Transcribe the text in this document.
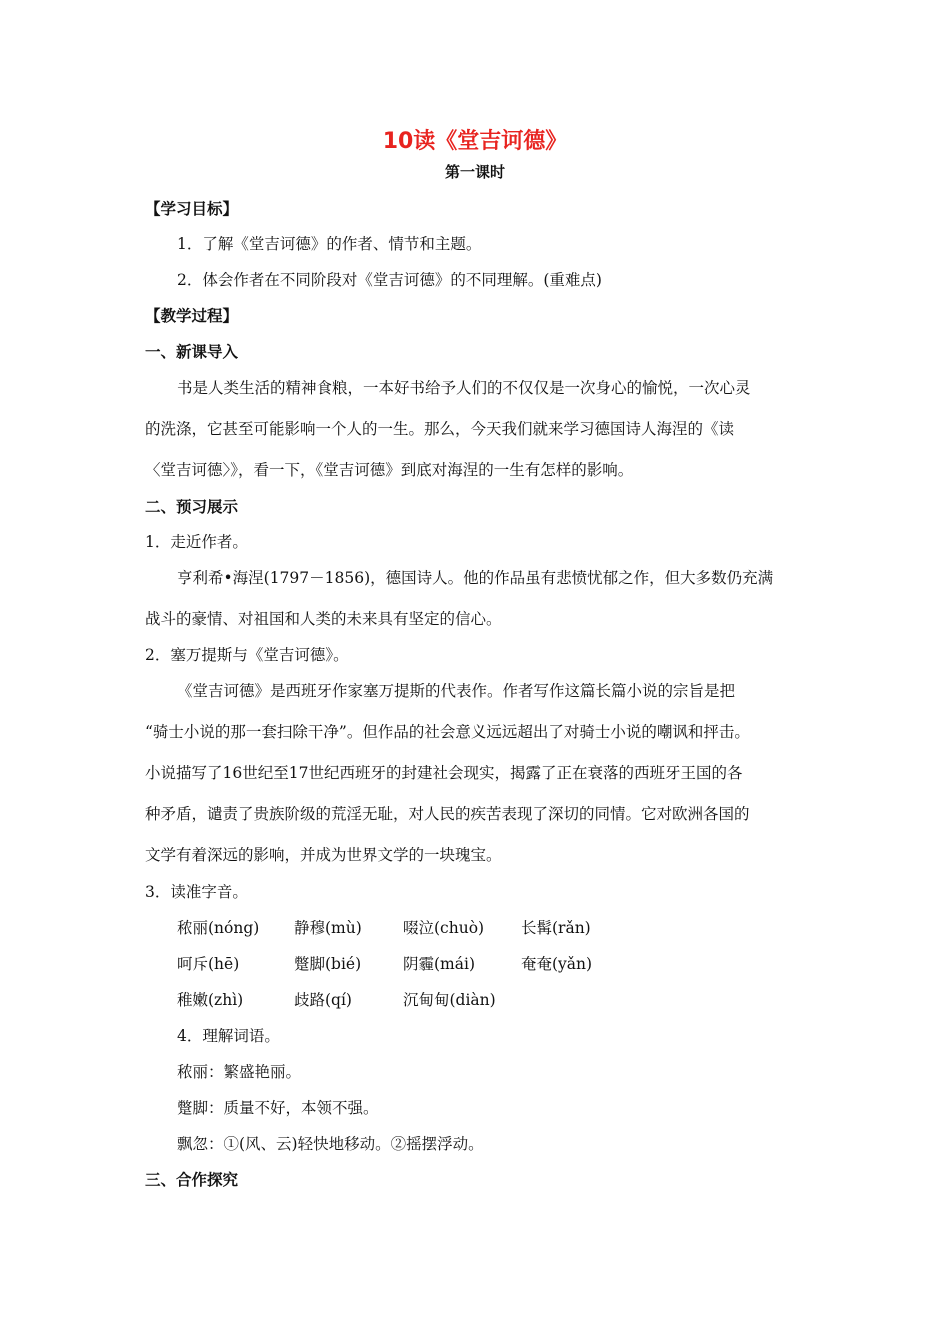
10读《堂吉诃德》
第一课时
【学习目标】
1．了解《堂吉诃德》的作者、情节和主题。
2．体会作者在不同阶段对《堂吉诃德》的不同理解。(重难点)
【教学过程】
一、新课导入
书是人类生活的精神食粮，一本好书给予人们的不仅仅是一次身心的愉悦，一次心灵
的洗涤，它甚至可能影响一个人的一生。那么，今天我们就来学习德国诗人海涅的《读
〈堂吉诃德〉》，看一下，《堂吉诃德》到底对海涅的一生有怎样的影响。
二、预习展示
1．走近作者。
亨利希•海涅(1797－1856)，德国诗人。他的作品虽有悲愤忧郁之作，但大多数仍充满
战斗的豪情、对祖国和人类的未来具有坚定的信心。
2．塞万提斯与《堂吉诃德》。
《堂吉诃德》是西班牙作家塞万提斯的代表作。作者写作这篇长篇小说的宗旨是把
“骑士小说的那一套扫除干净”。但作品的社会意义远远超出了对骑士小说的嘲讽和抨击。
小说描写了16世纪至17世纪西班牙的封建社会现实，揭露了正在衰落的西班牙王国的各
种矛盾，谴责了贵族阶级的荒淫无耻，对人民的疾苦表现了深切的同情。它对欧洲各国的
文学有着深远的影响，并成为世界文学的一块瑰宝。
3．读准字音。
秾丽(nóng) 静穆(mù)	啜泣(chuò) 长髯(rǎn)
呵斥(hē)	蹩脚(bié)	阴霾(mái)	奄奄(yǎn)
稚嫩(zhì)	歧路(qí)	沉甸甸(diàn)
4．理解词语。
秾丽：繁盛艳丽。
蹩脚：质量不好，本领不强。
飘忽：①(风、云)轻快地移动。②摇摆浮动。
三、合作探究
